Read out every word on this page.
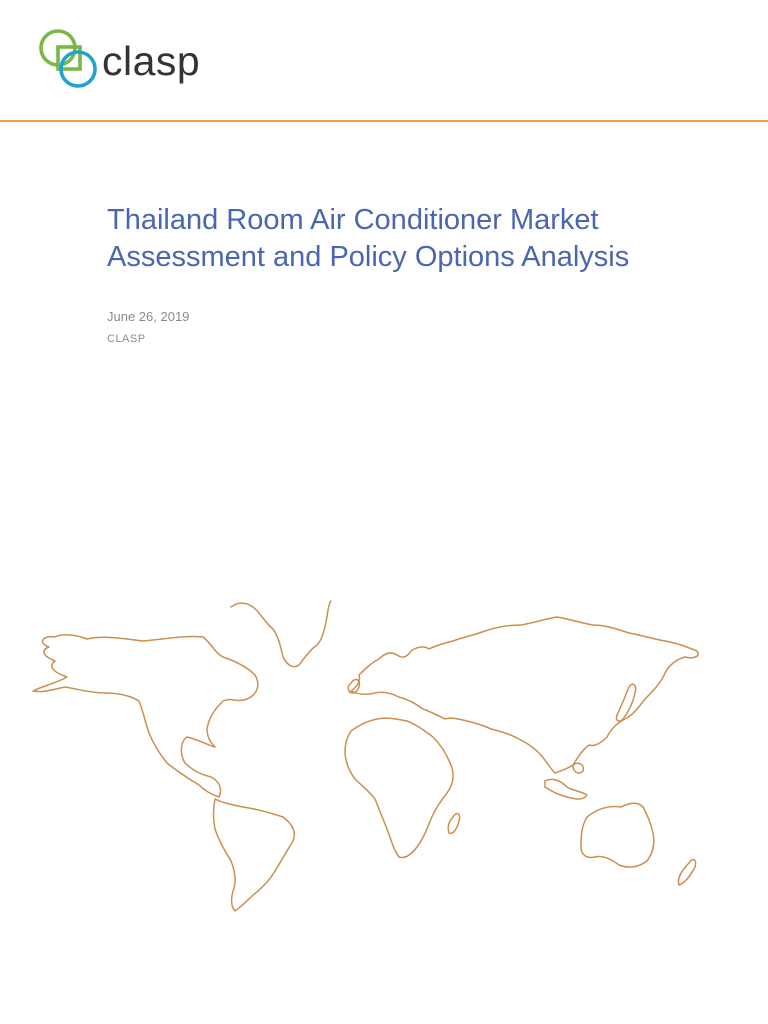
clasp
Thailand Room Air Conditioner Market
Assessment and Policy Options Analysis
June 26, 2019
CLASP
